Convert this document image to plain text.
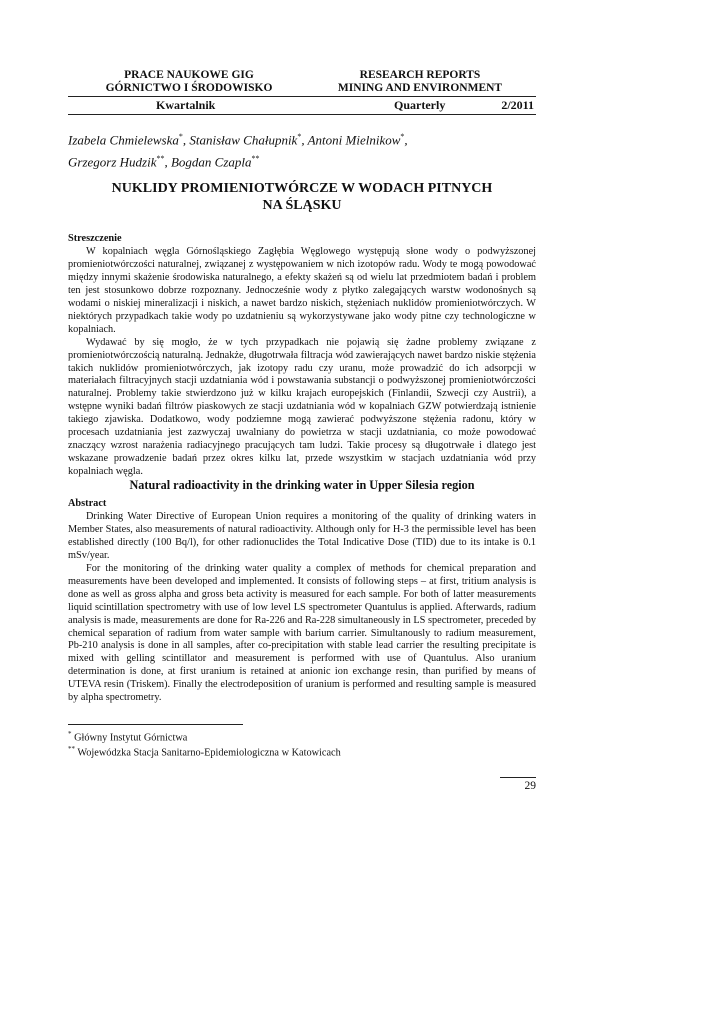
PRACE NAUKOWE GIG	RESEARCH REPORTS
GÓRNICTWO I ŚRODOWISKO	MINING AND ENVIRONMENT
Kwartalnik	Quarterly	2/2011
Izabela Chmielewska*, Stanisław Chałupnik*, Antoni Mielnikow*,
Grzegorz Hudzik**, Bogdan Czapla**
NUKLIDY PROMIENIOTWÓRCZE W WODACH PITNYCH
NA ŚLĄSKU

Streszczenie

W kopalniach węgla Górnośląskiego Zagłębia Węglowego występują słone wody o podwyższonej promieniotwórczości naturalnej, związanej z występowaniem w nich izotopów radu. Wody te mogą powodować między innymi skażenie środowiska naturalnego, a efekty skażeń są od wielu lat przedmiotem badań i problem ten jest stosunkowo dobrze rozpoznany. Jednocześnie wody z płytko zalegających warstw wodonośnych są wodami o niskiej mineralizacji i niskich, a nawet bardzo niskich, stężeniach nuklidów promieniotwórczych. W niektórych przypadkach takie wody po uzdatnieniu są wykorzystywane jako wody pitne czy technologiczne w kopalniach.

Wydawać by się mogło, że w tych przypadkach nie pojawią się żadne problemy związane z promieniotwórczością naturalną. Jednakże, długotrwała filtracja wód zawierających nawet bardzo niskie stężenia takich nuklidów promieniotwórczych, jak izotopy radu czy uranu, może prowadzić do ich adsorpcji w materiałach filtracyjnych stacji uzdatniania wód i powstawania substancji o podwyższonej promieniotwórczości naturalnej. Problemy takie stwierdzono już w kilku krajach europejskich (Finlandii, Szwecji czy Austrii), a wstępne wyniki badań filtrów piaskowych ze stacji uzdatniania wód w kopalniach GZW potwierdzają istnienie takiego zjawiska. Dodatkowo, wody podziemne mogą zawierać podwyższone stężenia radonu, który w procesach uzdatniania jest zazwyczaj uwalniany do powietrza w stacji uzdatniania, co może powodować znaczący wzrost narażenia radiacyjnego pracujących tam ludzi. Takie procesy są długotrwałe i dlatego jest wskazane prowadzenie badań przez okres kilku lat, przede wszystkim w stacjach uzdatniania wód przy kopalniach węgla.

Natural radioactivity in the drinking water in Upper Silesia region

Abstract

Drinking Water Directive of European Union requires a monitoring of the quality of drinking waters in Member States, also measurements of natural radioactivity. Although only for H-3 the permissible level has been established directly (100 Bq/l), for other radionuclides the Total Indicative Dose (TID) due to its intake is 0.1 mSv/year.

For the monitoring of the drinking water quality a complex of methods for chemical preparation and measurements have been developed and implemented. It consists of following steps – at first, tritium analysis is done as well as gross alpha and gross beta activity is measured for each sample. For both of latter measurements liquid scintillation spectrometry with use of low level LS spectrometer Quantulus is applied. Afterwards, radium analysis is made, measurements are done for Ra-226 and Ra-228 simultaneously in LS spectrometer, preceded by chemical separation of radium from water sample with barium carrier. Simultanously to radium measurement, Pb-210 analysis is done in all samples, after co-precipitation with stable lead carrier the resulting precipitate is mixed with gelling scintillator and measurement is performed with use of Quantulus. Also uranium determination is done, at first uranium is retained at anionic ion exchange resin, than purified by means of UTEVA resin (Triskem). Finally the electrodeposition of uranium is performed and resulting sample is measured by alpha spectrometry.

* Główny Instytut Górnictwa
** Wojewódzka Stacja Sanitarno-Epidemiologiczna w Katowicach
29
